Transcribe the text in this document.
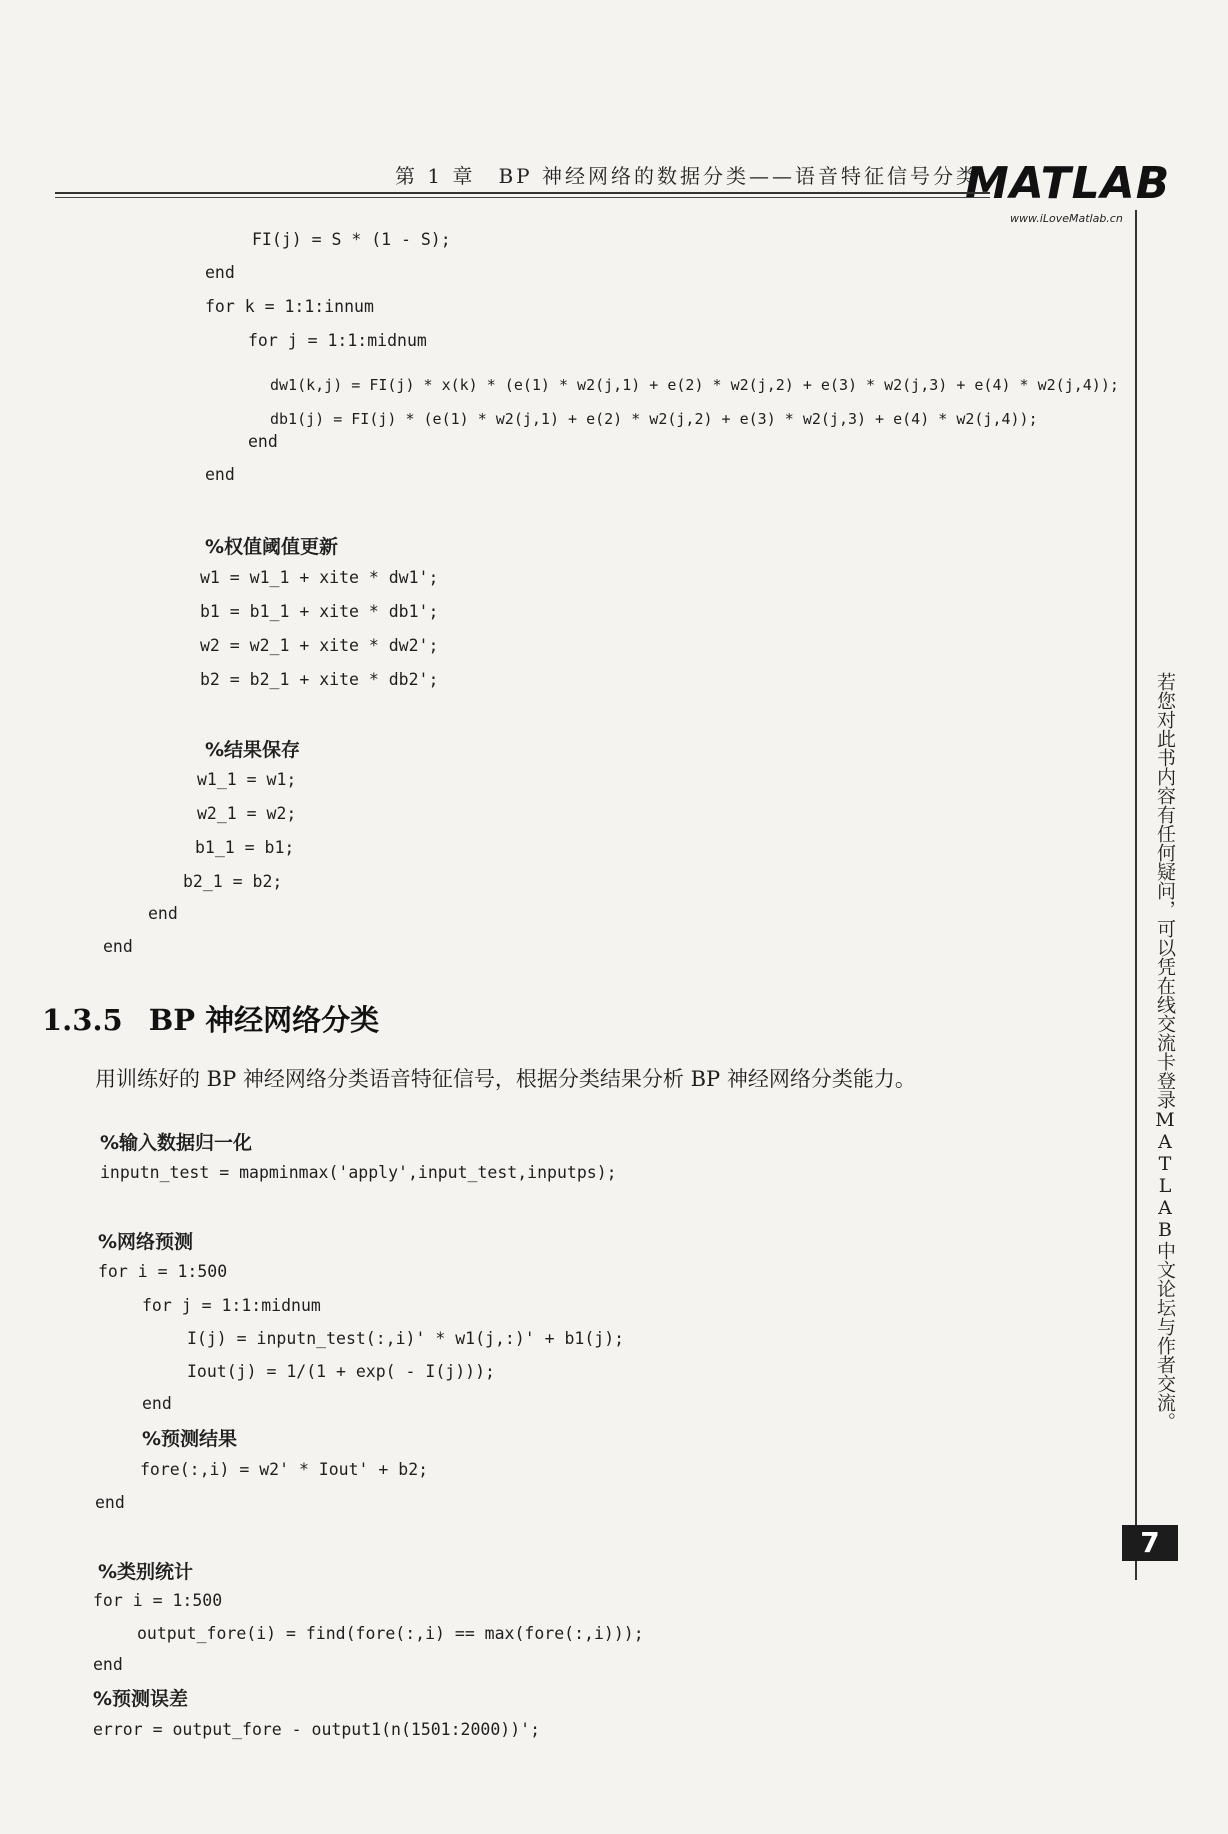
第 1 章　BP 神经网络的数据分类——语音特征信号分类
MATLAB
www.iLoveMatlab.cn
若您对此书内容有任何疑问，可以凭在线交流卡登录MATLAB中文论坛与作者交流。
7
FI(j) = S * (1 - S);
end
for k = 1:1:innum
for j = 1:1:midnum
dw1(k,j) = FI(j) * x(k) * (e(1) * w2(j,1) + e(2) * w2(j,2) + e(3) * w2(j,3) + e(4) * w2(j,4));
db1(j) = FI(j) * (e(1) * w2(j,1) + e(2) * w2(j,2) + e(3) * w2(j,3) + e(4) * w2(j,4));
end
end
%权值阈值更新
w1 = w1_1 + xite * dw1';
b1 = b1_1 + xite * db1';
w2 = w2_1 + xite * dw2';
b2 = b2_1 + xite * db2';
%结果保存
w1_1 = w1;
w2_1 = w2;
b1_1 = b1;
b2_1 = b2;
end
end
1.3.5 BP 神经网络分类
用训练好的 BP 神经网络分类语音特征信号，根据分类结果分析 BP 神经网络分类能力。
%输入数据归一化
inputn_test = mapminmax('apply',input_test,inputps);
%网络预测
for i = 1:500
for j = 1:1:midnum
I(j) = inputn_test(:,i)' * w1(j,:)' + b1(j);
Iout(j) = 1/(1 + exp( - I(j)));
end
%预测结果
fore(:,i) = w2' * Iout' + b2;
end
%类别统计
for i = 1:500
output_fore(i) = find(fore(:,i) == max(fore(:,i)));
end
%预测误差
error = output_fore - output1(n(1501:2000))';
